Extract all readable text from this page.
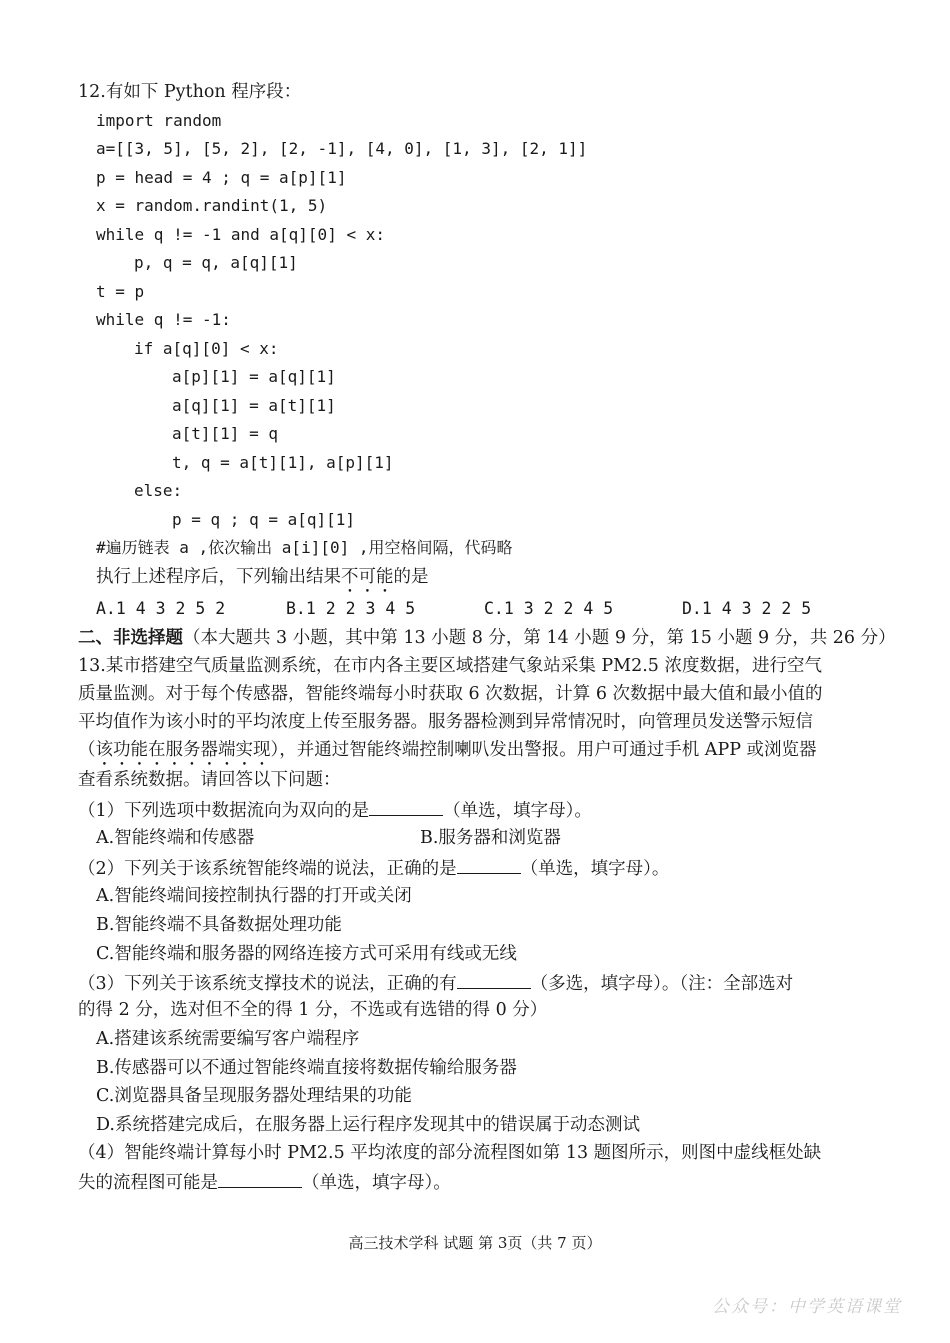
12.有如下 Python 程序段：
import random
a=[[3, 5], [5, 2], [2, -1], [4, 0], [1, 3], [2, 1]]
p = head = 4 ; q = a[p][1]
x = random.randint(1, 5)
while q != -1 and a[q][0] < x:
p, q = q, a[q][1]
t = p
while q != -1:
if a[q][0] < x:
a[p][1] = a[q][1]
a[q][1] = a[t][1]
a[t][1] = q
t, q = a[t][1], a[p][1]
else:
p = q ; q = a[q][1]
#遍历链表 a ,依次输出 a[i][0] ,用空格间隔，代码略
执行上述程序后，下列输出结果不可能的是
A.1 4 3 2 5 2	B.1 2 2 3 4 5	C.1 3 2 2 4 5	D.1 4 3 2 2 5
二、非选择题（本大题共 3 小题，其中第 13 小题 8 分，第 14 小题 9 分，第 15 小题 9 分，共 26 分）
13.某市搭建空气质量监测系统，在市内各主要区域搭建气象站采集 PM2.5 浓度数据，进行空气
质量监测。对于每个传感器，智能终端每小时获取 6 次数据，计算 6 次数据中最大值和最小值的
平均值作为该小时的平均浓度上传至服务器。服务器检测到异常情况时，向管理员发送警示短信
（该功能在服务器端实现），并通过智能终端控制喇叭发出警报。用户可通过手机 APP 或浏览器
查看系统数据。请回答以下问题：
（1）下列选项中数据流向为双向的是	（单选，填字母）。
A.智能终端和传感器	B.服务器和浏览器
（2）下列关于该系统智能终端的说法，正确的是	（单选，填字母）。
A.智能终端间接控制执行器的打开或关闭
B.智能终端不具备数据处理功能
C.智能终端和服务器的网络连接方式可采用有线或无线
（3）下列关于该系统支撑技术的说法，正确的有	（多选，填字母）。（注：全部选对
的得 2 分，选对但不全的得 1 分，不选或有选错的得 0 分）
A.搭建该系统需要编写客户端程序
B.传感器可以不通过智能终端直接将数据传输给服务器
C.浏览器具备呈现服务器处理结果的功能
D.系统搭建完成后，在服务器上运行程序发现其中的错误属于动态测试
（4）智能终端计算每小时 PM2.5 平均浓度的部分流程图如第 13 题图所示，则图中虚线框处缺
失的流程图可能是	（单选，填字母）。
高三技术学科 试题 第 3页（共 7 页）
公众号：中学英语课堂
